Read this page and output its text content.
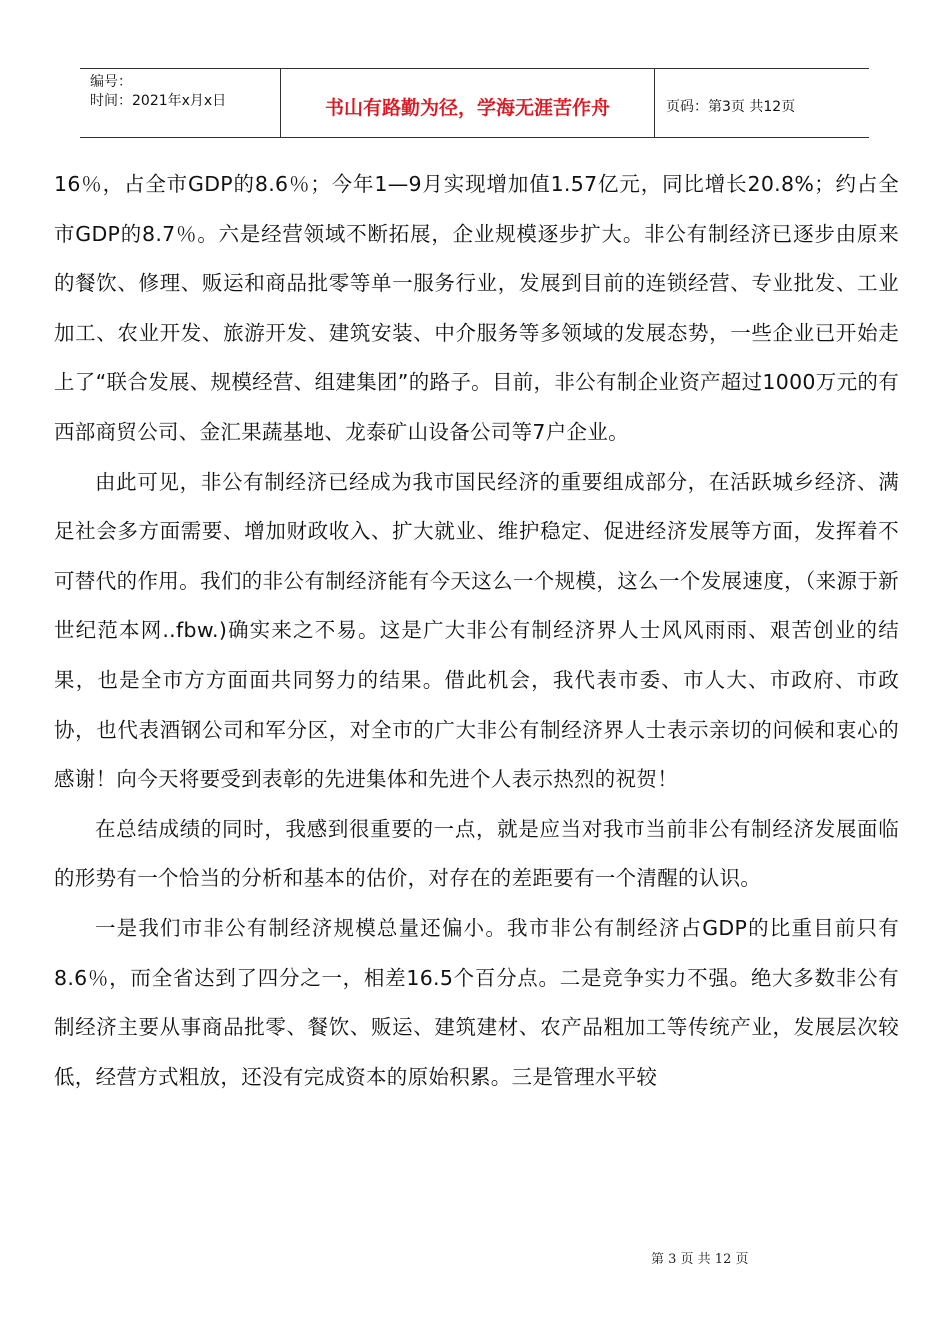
编号：
时间：2021年x月x日	书山有路勤为径，学海无涯苦作舟	页码：第3页 共12页

16％，占全市GDP的8.6％；今年1—9月实现增加值1.57亿元，同比增长20.8%；约占全市GDP的8.7％。六是经营领域不断拓展，企业规模逐步扩大。非公有制经济已逐步由原来的餐饮、修理、贩运和商品批零等单一服务行业，发展到目前的连锁经营、专业批发、工业加工、农业开发、旅游开发、建筑安装、中介服务等多领域的发展态势，一些企业已开始走上了“联合发展、规模经营、组建集团”的路子。目前，非公有制企业资产超过1000万元的有西部商贸公司、金汇果蔬基地、龙泰矿山设备公司等7户企业。

由此可见，非公有制经济已经成为我市国民经济的重要组成部分，在活跃城乡经济、满足社会多方面需要、增加财政收入、扩大就业、维护稳定、促进经济发展等方面，发挥着不可替代的作用。我们的非公有制经济能有今天这么一个规模，这么一个发展速度，（来源于新世纪范本网..fbw.)确实来之不易。这是广大非公有制经济界人士风风雨雨、艰苦创业的结果，也是全市方方面面共同努力的结果。借此机会，我代表市委、市人大、市政府、市政协，也代表酒钢公司和军分区，对全市的广大非公有制经济界人士表示亲切的问候和衷心的感谢！向今天将要受到表彰的先进集体和先进个人表示热烈的祝贺！

在总结成绩的同时，我感到很重要的一点，就是应当对我市当前非公有制经济发展面临的形势有一个恰当的分析和基本的估价，对存在的差距要有一个清醒的认识。

一是我们市非公有制经济规模总量还偏小。我市非公有制经济占GDP的比重目前只有8.6％，而全省达到了四分之一，相差16.5个百分点。二是竞争实力不强。绝大多数非公有制经济主要从事商品批零、餐饮、贩运、建筑建材、农产品粗加工等传统产业，发展层次较低，经营方式粗放，还没有完成资本的原始积累。三是管理水平较

第 3 页 共 12 页
